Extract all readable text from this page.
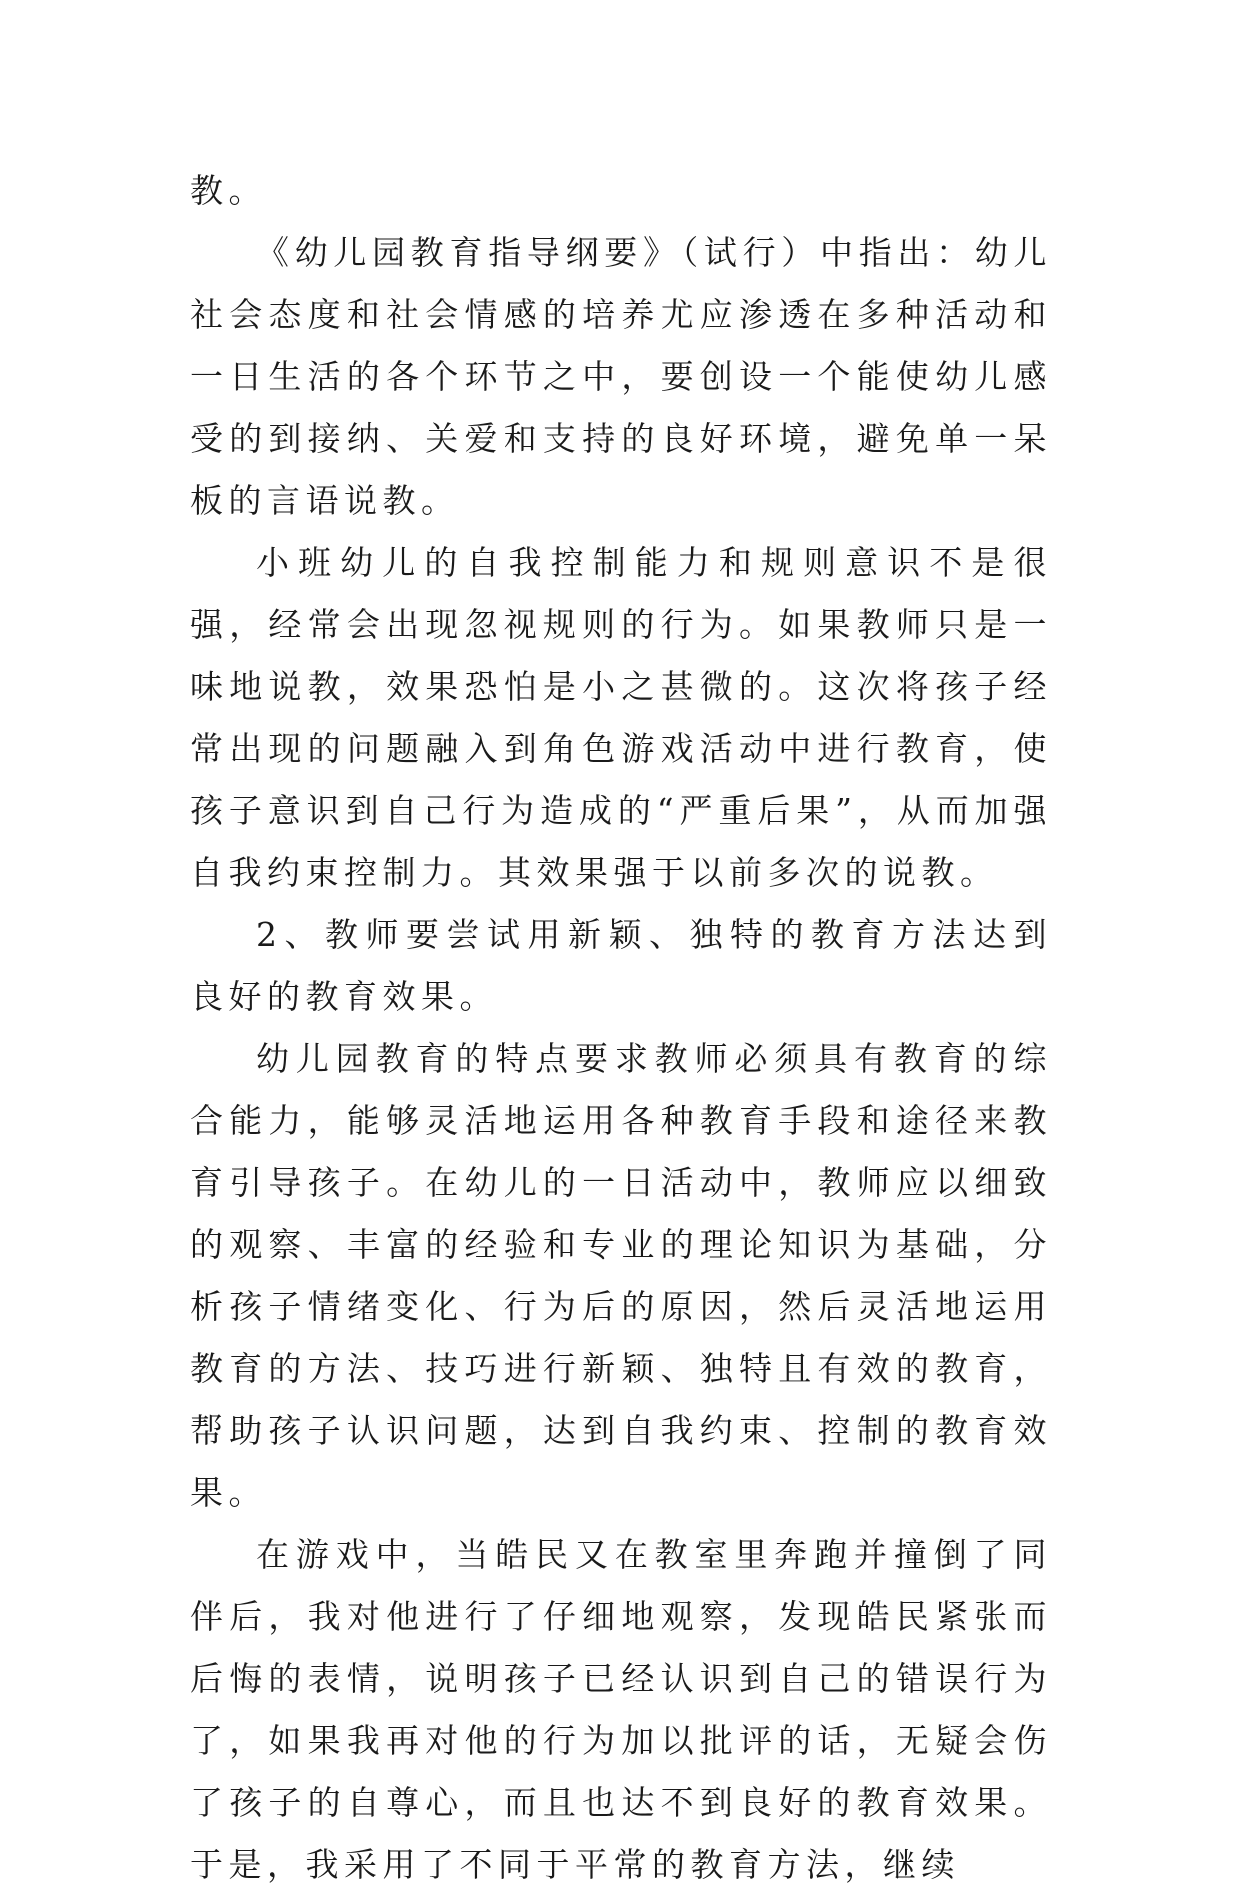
教。

《幼儿园教育指导纲要》（试行）中指出：幼儿社会态度和社会情感的培养尤应渗透在多种活动和一日生活的各个环节之中，要创设一个能使幼儿感受的到接纳、关爱和支持的良好环境，避免单一呆板的言语说教。

小班幼儿的自我控制能力和规则意识不是很强，经常会出现忽视规则的行为。如果教师只是一味地说教，效果恐怕是小之甚微的。这次将孩子经常出现的问题融入到角色游戏活动中进行教育，使孩子意识到自己行为造成的“严重后果”，从而加强自我约束控制力。其效果强于以前多次的说教。

2、教师要尝试用新颖、独特的教育方法达到良好的教育效果。

幼儿园教育的特点要求教师必须具有教育的综合能力，能够灵活地运用各种教育手段和途径来教育引导孩子。在幼儿的一日活动中，教师应以细致的观察、丰富的经验和专业的理论知识为基础，分析孩子情绪变化、行为后的原因，然后灵活地运用教育的方法、技巧进行新颖、独特且有效的教育，帮助孩子认识问题，达到自我约束、控制的教育效果。

在游戏中，当皓民又在教室里奔跑并撞倒了同伴后，我对他进行了仔细地观察，发现皓民紧张而后悔的表情，说明孩子已经认识到自己的错误行为了，如果我再对他的行为加以批评的话，无疑会伤了孩子的自尊心，而且也达不到良好的教育效果。于是，我采用了不同于平常的教育方法，继续
